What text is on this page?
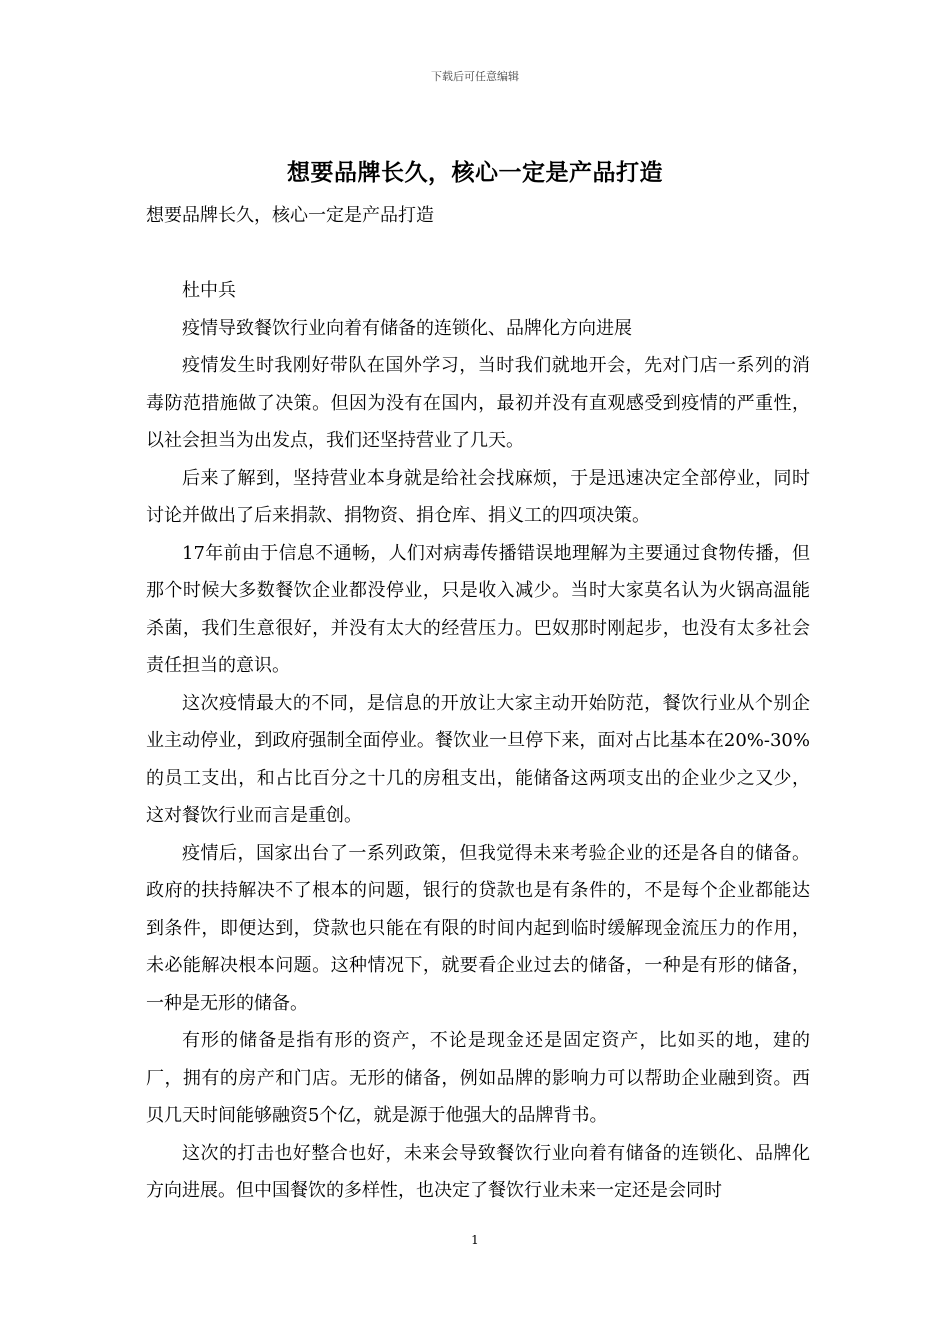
下载后可任意编辑
想要品牌长久，核心一定是产品打造
想要品牌长久，核心一定是产品打造

杜中兵

疫情导致餐饮行业向着有储备的连锁化、品牌化方向进展

疫情发生时我刚好带队在国外学习，当时我们就地开会，先对门店一系列的消毒防范措施做了决策。但因为没有在国内，最初并没有直观感受到疫情的严重性，以社会担当为出发点，我们还坚持营业了几天。

后来了解到，坚持营业本身就是给社会找麻烦，于是迅速决定全部停业，同时讨论并做出了后来捐款、捐物资、捐仓库、捐义工的四项决策。

17年前由于信息不通畅，人们对病毒传播错误地理解为主要通过食物传播，但那个时候大多数餐饮企业都没停业，只是收入减少。当时大家莫名认为火锅高温能杀菌，我们生意很好，并没有太大的经营压力。巴奴那时刚起步，也没有太多社会责任担当的意识。

这次疫情最大的不同，是信息的开放让大家主动开始防范，餐饮行业从个别企业主动停业，到政府强制全面停业。餐饮业一旦停下来，面对占比基本在20%-30%的员工支出，和占比百分之十几的房租支出，能储备这两项支出的企业少之又少，这对餐饮行业而言是重创。

疫情后，国家出台了一系列政策，但我觉得未来考验企业的还是各自的储备。政府的扶持解决不了根本的问题，银行的贷款也是有条件的，不是每个企业都能达到条件，即便达到，贷款也只能在有限的时间内起到临时缓解现金流压力的作用，未必能解决根本问题。这种情况下，就要看企业过去的储备，一种是有形的储备，一种是无形的储备。

有形的储备是指有形的资产，不论是现金还是固定资产，比如买的地，建的厂，拥有的房产和门店。无形的储备，例如品牌的影响力可以帮助企业融到资。西贝几天时间能够融资5个亿，就是源于他强大的品牌背书。

这次的打击也好整合也好，未来会导致餐饮行业向着有储备的连锁化、品牌化方向进展。但中国餐饮的多样性，也决定了餐饮行业未来一定还是会同时

1
